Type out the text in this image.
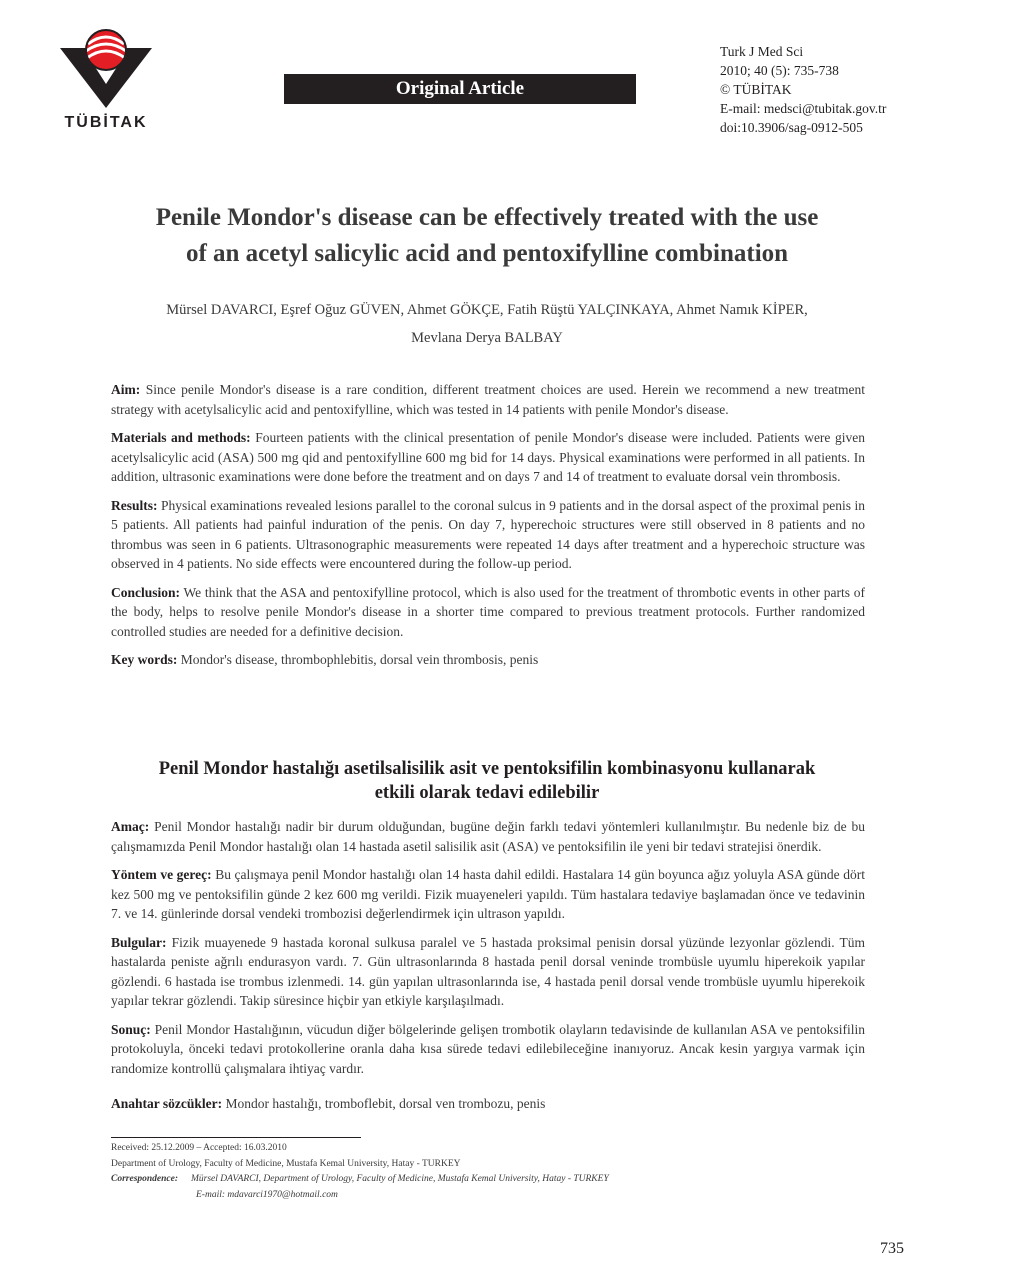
TÜBİTAK
Original Article
Turk J Med Sci
2010; 40 (5): 735-738
© TÜBİTAK
E-mail: medsci@tubitak.gov.tr
doi:10.3906/sag-0912-505
Penile Mondor's disease can be effectively treated with the use
of an acetyl salicylic acid and pentoxifylline combination
Mürsel DAVARCI, Eşref Oğuz GÜVEN, Ahmet GÖKÇE, Fatih Rüştü YALÇINKAYA, Ahmet Namık KİPER,
Mevlana Derya BALBAY

Aim: Since penile Mondor's disease is a rare condition, different treatment choices are used. Herein we recommend a new treatment strategy with acetylsalicylic acid and pentoxifylline, which was tested in 14 patients with penile Mondor's disease.

Materials and methods: Fourteen patients with the clinical presentation of penile Mondor's disease were included. Patients were given acetylsalicylic acid (ASA) 500 mg qid and pentoxifylline 600 mg bid for 14 days. Physical examinations were performed in all patients. In addition, ultrasonic examinations were done before the treatment and on days 7 and 14 of treatment to evaluate dorsal vein thrombosis.

Results: Physical examinations revealed lesions parallel to the coronal sulcus in 9 patients and in the dorsal aspect of the proximal penis in 5 patients. All patients had painful induration of the penis. On day 7, hyperechoic structures were still observed in 8 patients and no thrombus was seen in 6 patients. Ultrasonographic measurements were repeated 14 days after treatment and a hyperechoic structure was observed in 4 patients. No side effects were encountered during the follow-up period.

Conclusion: We think that the ASA and pentoxifylline protocol, which is also used for the treatment of thrombotic events in other parts of the body, helps to resolve penile Mondor's disease in a shorter time compared to previous treatment protocols. Further randomized controlled studies are needed for a definitive decision.

Key words: Mondor's disease, thrombophlebitis, dorsal vein thrombosis, penis

Penil Mondor hastalığı asetilsalisilik asit ve pentoksifilin kombinasyonu kullanarak
etkili olarak tedavi edilebilir

Amaç: Penil Mondor hastalığı nadir bir durum olduğundan, bugüne değin farklı tedavi yöntemleri kullanılmıştır. Bu nedenle biz de bu çalışmamızda Penil Mondor hastalığı olan 14 hastada asetil salisilik asit (ASA) ve pentoksifilin ile yeni bir tedavi stratejisi önerdik.

Yöntem ve gereç: Bu çalışmaya penil Mondor hastalığı olan 14 hasta dahil edildi. Hastalara 14 gün boyunca ağız yoluyla ASA günde dört kez 500 mg ve pentoksifilin günde 2 kez 600 mg verildi. Fizik muayeneleri yapıldı. Tüm hastalara tedaviye başlamadan önce ve tedavinin 7. ve 14. günlerinde dorsal vendeki trombozisi değerlendirmek için ultrason yapıldı.

Bulgular: Fizik muayenede 9 hastada koronal sulkusa paralel ve 5 hastada proksimal penisin dorsal yüzünde lezyonlar gözlendi. Tüm hastalarda peniste ağrılı endurasyon vardı. 7. Gün ultrasonlarında 8 hastada penil dorsal veninde trombüsle uyumlu hiperekoik yapılar gözlendi. 6 hastada ise trombus izlenmedi. 14. gün yapılan ultrasonlarında ise, 4 hastada penil dorsal vende trombüsle uyumlu hiperekoik yapılar tekrar gözlendi. Takip süresince hiçbir yan etkiyle karşılaşılmadı.

Sonuç: Penil Mondor Hastalığının, vücudun diğer bölgelerinde gelişen trombotik olayların tedavisinde de kullanılan ASA ve pentoksifilin protokoluyla, önceki tedavi protokollerine oranla daha kısa sürede tedavi edilebileceğine inanıyoruz. Ancak kesin yargıya varmak için randomize kontrollü çalışmalara ihtiyaç vardır.

Anahtar sözcükler: Mondor hastalığı, tromboflebit, dorsal ven trombozu, penis

Received: 25.12.2009 – Accepted: 16.03.2010
Department of Urology, Faculty of Medicine, Mustafa Kemal University, Hatay - TURKEY
Correspondence: Mürsel DAVARCI, Department of Urology, Faculty of Medicine, Mustafa Kemal University, Hatay - TURKEY
E-mail: mdavarci1970@hotmail.com
735
